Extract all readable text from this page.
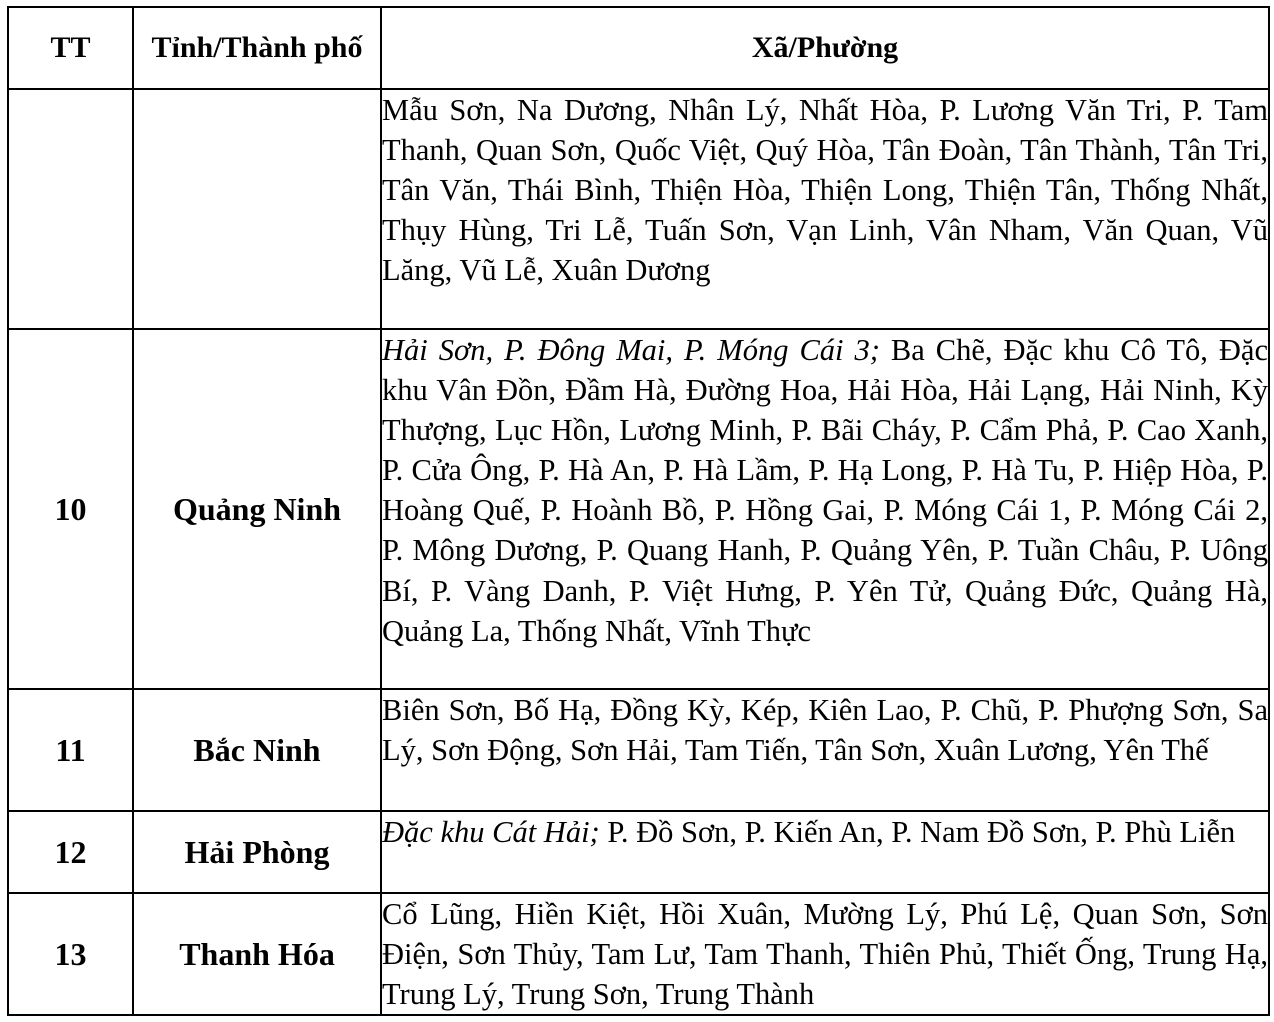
TT	Tỉnh/Thành phố	Xã/Phường
		Mẫu Sơn, Na Dương, Nhân Lý, Nhất Hòa, P. Lương Văn Tri, P. Tam Thanh, Quan Sơn, Quốc Việt, Quý Hòa, Tân Đoàn, Tân Thành, Tân Tri, Tân Văn, Thái Bình, Thiện Hòa, Thiện Long, Thiện Tân, Thống Nhất, Thụy Hùng, Tri Lễ, Tuấn Sơn, Vạn Linh, Vân Nham, Văn Quan, Vũ Lăng, Vũ Lễ, Xuân Dương
10	Quảng Ninh	Hải Sơn, P. Đông Mai, P. Móng Cái 3; Ba Chẽ, Đặc khu Cô Tô, Đặc khu Vân Đồn, Đầm Hà, Đường Hoa, Hải Hòa, Hải Lạng, Hải Ninh, Kỳ Thượng, Lục Hồn, Lương Minh, P. Bãi Cháy, P. Cẩm Phả, P. Cao Xanh, P. Cửa Ông, P. Hà An, P. Hà Lầm, P. Hạ Long, P. Hà Tu, P. Hiệp Hòa, P. Hoàng Quế, P. Hoành Bồ, P. Hồng Gai, P. Móng Cái 1, P. Móng Cái 2, P. Mông Dương, P. Quang Hanh, P. Quảng Yên, P. Tuần Châu, P. Uông Bí, P. Vàng Danh, P. Việt Hưng, P. Yên Tử, Quảng Đức, Quảng Hà, Quảng La, Thống Nhất, Vĩnh Thực
11	Bắc Ninh	Biên Sơn, Bố Hạ, Đồng Kỳ, Kép, Kiên Lao, P. Chũ, P. Phượng Sơn, Sa Lý, Sơn Động, Sơn Hải, Tam Tiến, Tân Sơn, Xuân Lương, Yên Thế
12	Hải Phòng	Đặc khu Cát Hải; P. Đồ Sơn, P. Kiến An, P. Nam Đồ Sơn, P. Phù Liễn
13	Thanh Hóa	Cổ Lũng, Hiền Kiệt, Hồi Xuân, Mường Lý, Phú Lệ, Quan Sơn, Sơn Điện, Sơn Thủy, Tam Lư, Tam Thanh, Thiên Phủ, Thiết Ống, Trung Hạ, Trung Lý, Trung Sơn, Trung Thành
